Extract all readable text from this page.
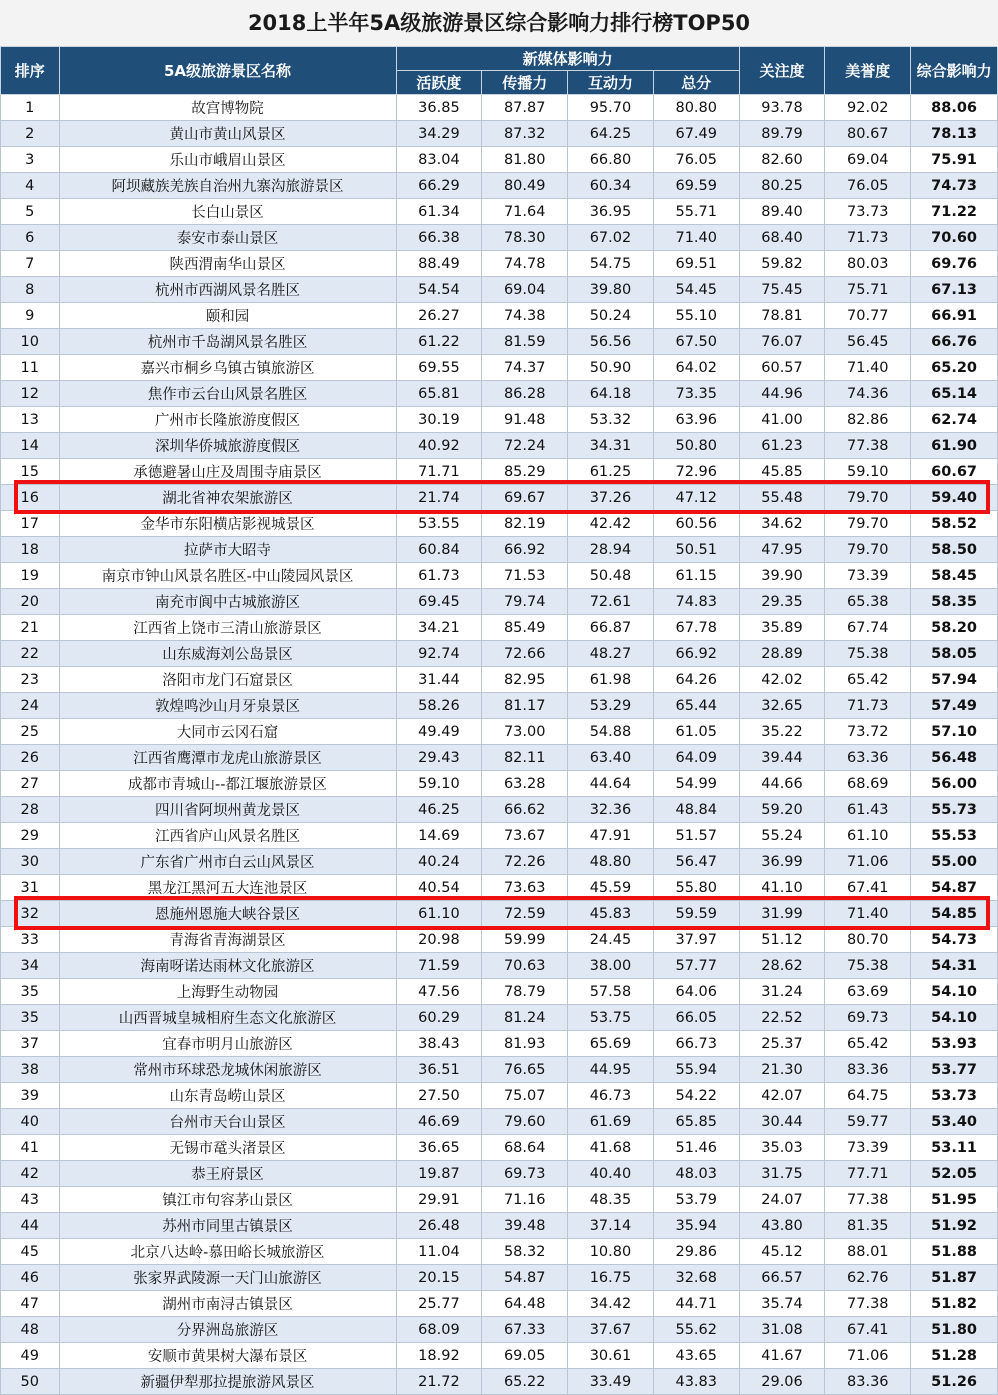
2018上半年5A级旅游景区综合影响力排行榜TOP50
排序	5A级旅游景区名称	新媒体影响力				关注度	美誉度	综合影响力
		活跃度	传播力	互动力	总分			
1	故宫博物院	36.85	87.87	95.70	80.80	93.78	92.02	88.06
2	黄山市黄山风景区	34.29	87.32	64.25	67.49	89.79	80.67	78.13
3	乐山市峨眉山景区	83.04	81.80	66.80	76.05	82.60	69.04	75.91
4	阿坝藏族羌族自治州九寨沟旅游景区	66.29	80.49	60.34	69.59	80.25	76.05	74.73
5	长白山景区	61.34	71.64	36.95	55.71	89.40	73.73	71.22
6	泰安市泰山景区	66.38	78.30	67.02	71.40	68.40	71.73	70.60
7	陕西渭南华山景区	88.49	74.78	54.75	69.51	59.82	80.03	69.76
8	杭州市西湖风景名胜区	54.54	69.04	39.80	54.45	75.45	75.71	67.13
9	颐和园	26.27	74.38	50.24	55.10	78.81	70.77	66.91
10	杭州市千岛湖风景名胜区	61.22	81.59	56.56	67.50	76.07	56.45	66.76
11	嘉兴市桐乡乌镇古镇旅游区	69.55	74.37	50.90	64.02	60.57	71.40	65.20
12	焦作市云台山风景名胜区	65.81	86.28	64.18	73.35	44.96	74.36	65.14
13	广州市长隆旅游度假区	30.19	91.48	53.32	63.96	41.00	82.86	62.74
14	深圳华侨城旅游度假区	40.92	72.24	34.31	50.80	61.23	77.38	61.90
15	承德避暑山庄及周围寺庙景区	71.71	85.29	61.25	72.96	45.85	59.10	60.67
16	湖北省神农架旅游区	21.74	69.67	37.26	47.12	55.48	79.70	59.40
17	金华市东阳横店影视城景区	53.55	82.19	42.42	60.56	34.62	79.70	58.52
18	拉萨市大昭寺	60.84	66.92	28.94	50.51	47.95	79.70	58.50
19	南京市钟山风景名胜区-中山陵园风景区	61.73	71.53	50.48	61.15	39.90	73.39	58.45
20	南充市阆中古城旅游区	69.45	79.74	72.61	74.83	29.35	65.38	58.35
21	江西省上饶市三清山旅游景区	34.21	85.49	66.87	67.78	35.89	67.74	58.20
22	山东威海刘公岛景区	92.74	72.66	48.27	66.92	28.89	75.38	58.05
23	洛阳市龙门石窟景区	31.44	82.95	61.98	64.26	42.02	65.42	57.94
24	敦煌鸣沙山月牙泉景区	58.26	81.17	53.29	65.44	32.65	71.73	57.49
25	大同市云冈石窟	49.49	73.00	54.88	61.05	35.22	73.72	57.10
26	江西省鹰潭市龙虎山旅游景区	29.43	82.11	63.40	64.09	39.44	63.36	56.48
27	成都市青城山--都江堰旅游景区	59.10	63.28	44.64	54.99	44.66	68.69	56.00
28	四川省阿坝州黄龙景区	46.25	66.62	32.36	48.84	59.20	61.43	55.73
29	江西省庐山风景名胜区	14.69	73.67	47.91	51.57	55.24	61.10	55.53
30	广东省广州市白云山风景区	40.24	72.26	48.80	56.47	36.99	71.06	55.00
31	黑龙江黑河五大连池景区	40.54	73.63	45.59	55.80	41.10	67.41	54.87
32	恩施州恩施大峡谷景区	61.10	72.59	45.83	59.59	31.99	71.40	54.85
33	青海省青海湖景区	20.98	59.99	24.45	37.97	51.12	80.70	54.73
34	海南呀诺达雨林文化旅游区	71.59	70.63	38.00	57.77	28.62	75.38	54.31
35	上海野生动物园	47.56	78.79	57.58	64.06	31.24	63.69	54.10
35	山西晋城皇城相府生态文化旅游区	60.29	81.24	53.75	66.05	22.52	69.73	54.10
37	宜春市明月山旅游区	38.43	81.93	65.69	66.73	25.37	65.42	53.93
38	常州市环球恐龙城休闲旅游区	36.51	76.65	44.95	55.94	21.30	83.36	53.77
39	山东青岛崂山景区	27.50	75.07	46.73	54.22	42.07	64.75	53.73
40	台州市天台山景区	46.69	79.60	61.69	65.85	30.44	59.77	53.40
41	无锡市鼋头渚景区	36.65	68.64	41.68	51.46	35.03	73.39	53.11
42	恭王府景区	19.87	69.73	40.40	48.03	31.75	77.71	52.05
43	镇江市句容茅山景区	29.91	71.16	48.35	53.79	24.07	77.38	51.95
44	苏州市同里古镇景区	26.48	39.48	37.14	35.94	43.80	81.35	51.92
45	北京八达岭-慕田峪长城旅游区	11.04	58.32	10.80	29.86	45.12	88.01	51.88
46	张家界武陵源一天门山旅游区	20.15	54.87	16.75	32.68	66.57	62.76	51.87
47	湖州市南浔古镇景区	25.77	64.48	34.42	44.71	35.74	77.38	51.82
48	分界洲岛旅游区	68.09	67.33	37.67	55.62	31.08	67.41	51.80
49	安顺市黄果树大瀑布景区	18.92	69.05	30.61	43.65	41.67	71.06	51.28
50	新疆伊犁那拉提旅游风景区	21.72	65.22	33.49	43.83	29.06	83.36	51.26
